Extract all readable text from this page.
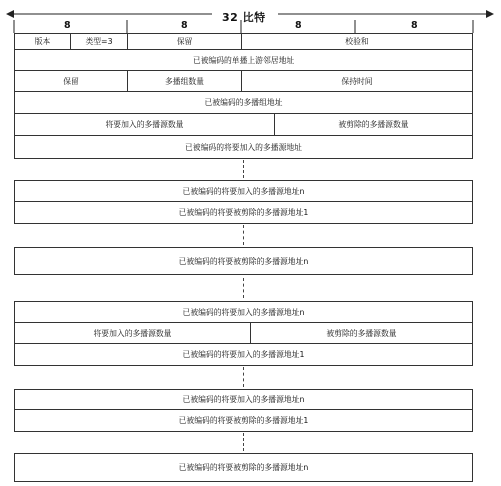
32 比特
8	8	8	8
版本	类型=3	保留	校验和
已被编码的单播上游邻居地址
保留	多播组数量	保持时间
已被编码的多播组地址
将要加入的多播源数量	被剪除的多播源数量
已被编码的将要加入的多播源地址
已被编码的将要加入的多播源地址n
已被编码的将要被剪除的多播源地址1
已被编码的将要被剪除的多播源地址n
已被编码的将要加入的多播源地址n
将要加入的多播源数量	被剪除的多播源数量
已被编码的将要加入的多播源地址1
已被编码的将要加入的多播源地址n
已被编码的将要被剪除的多播源地址1
已被编码的将要被剪除的多播源地址n
